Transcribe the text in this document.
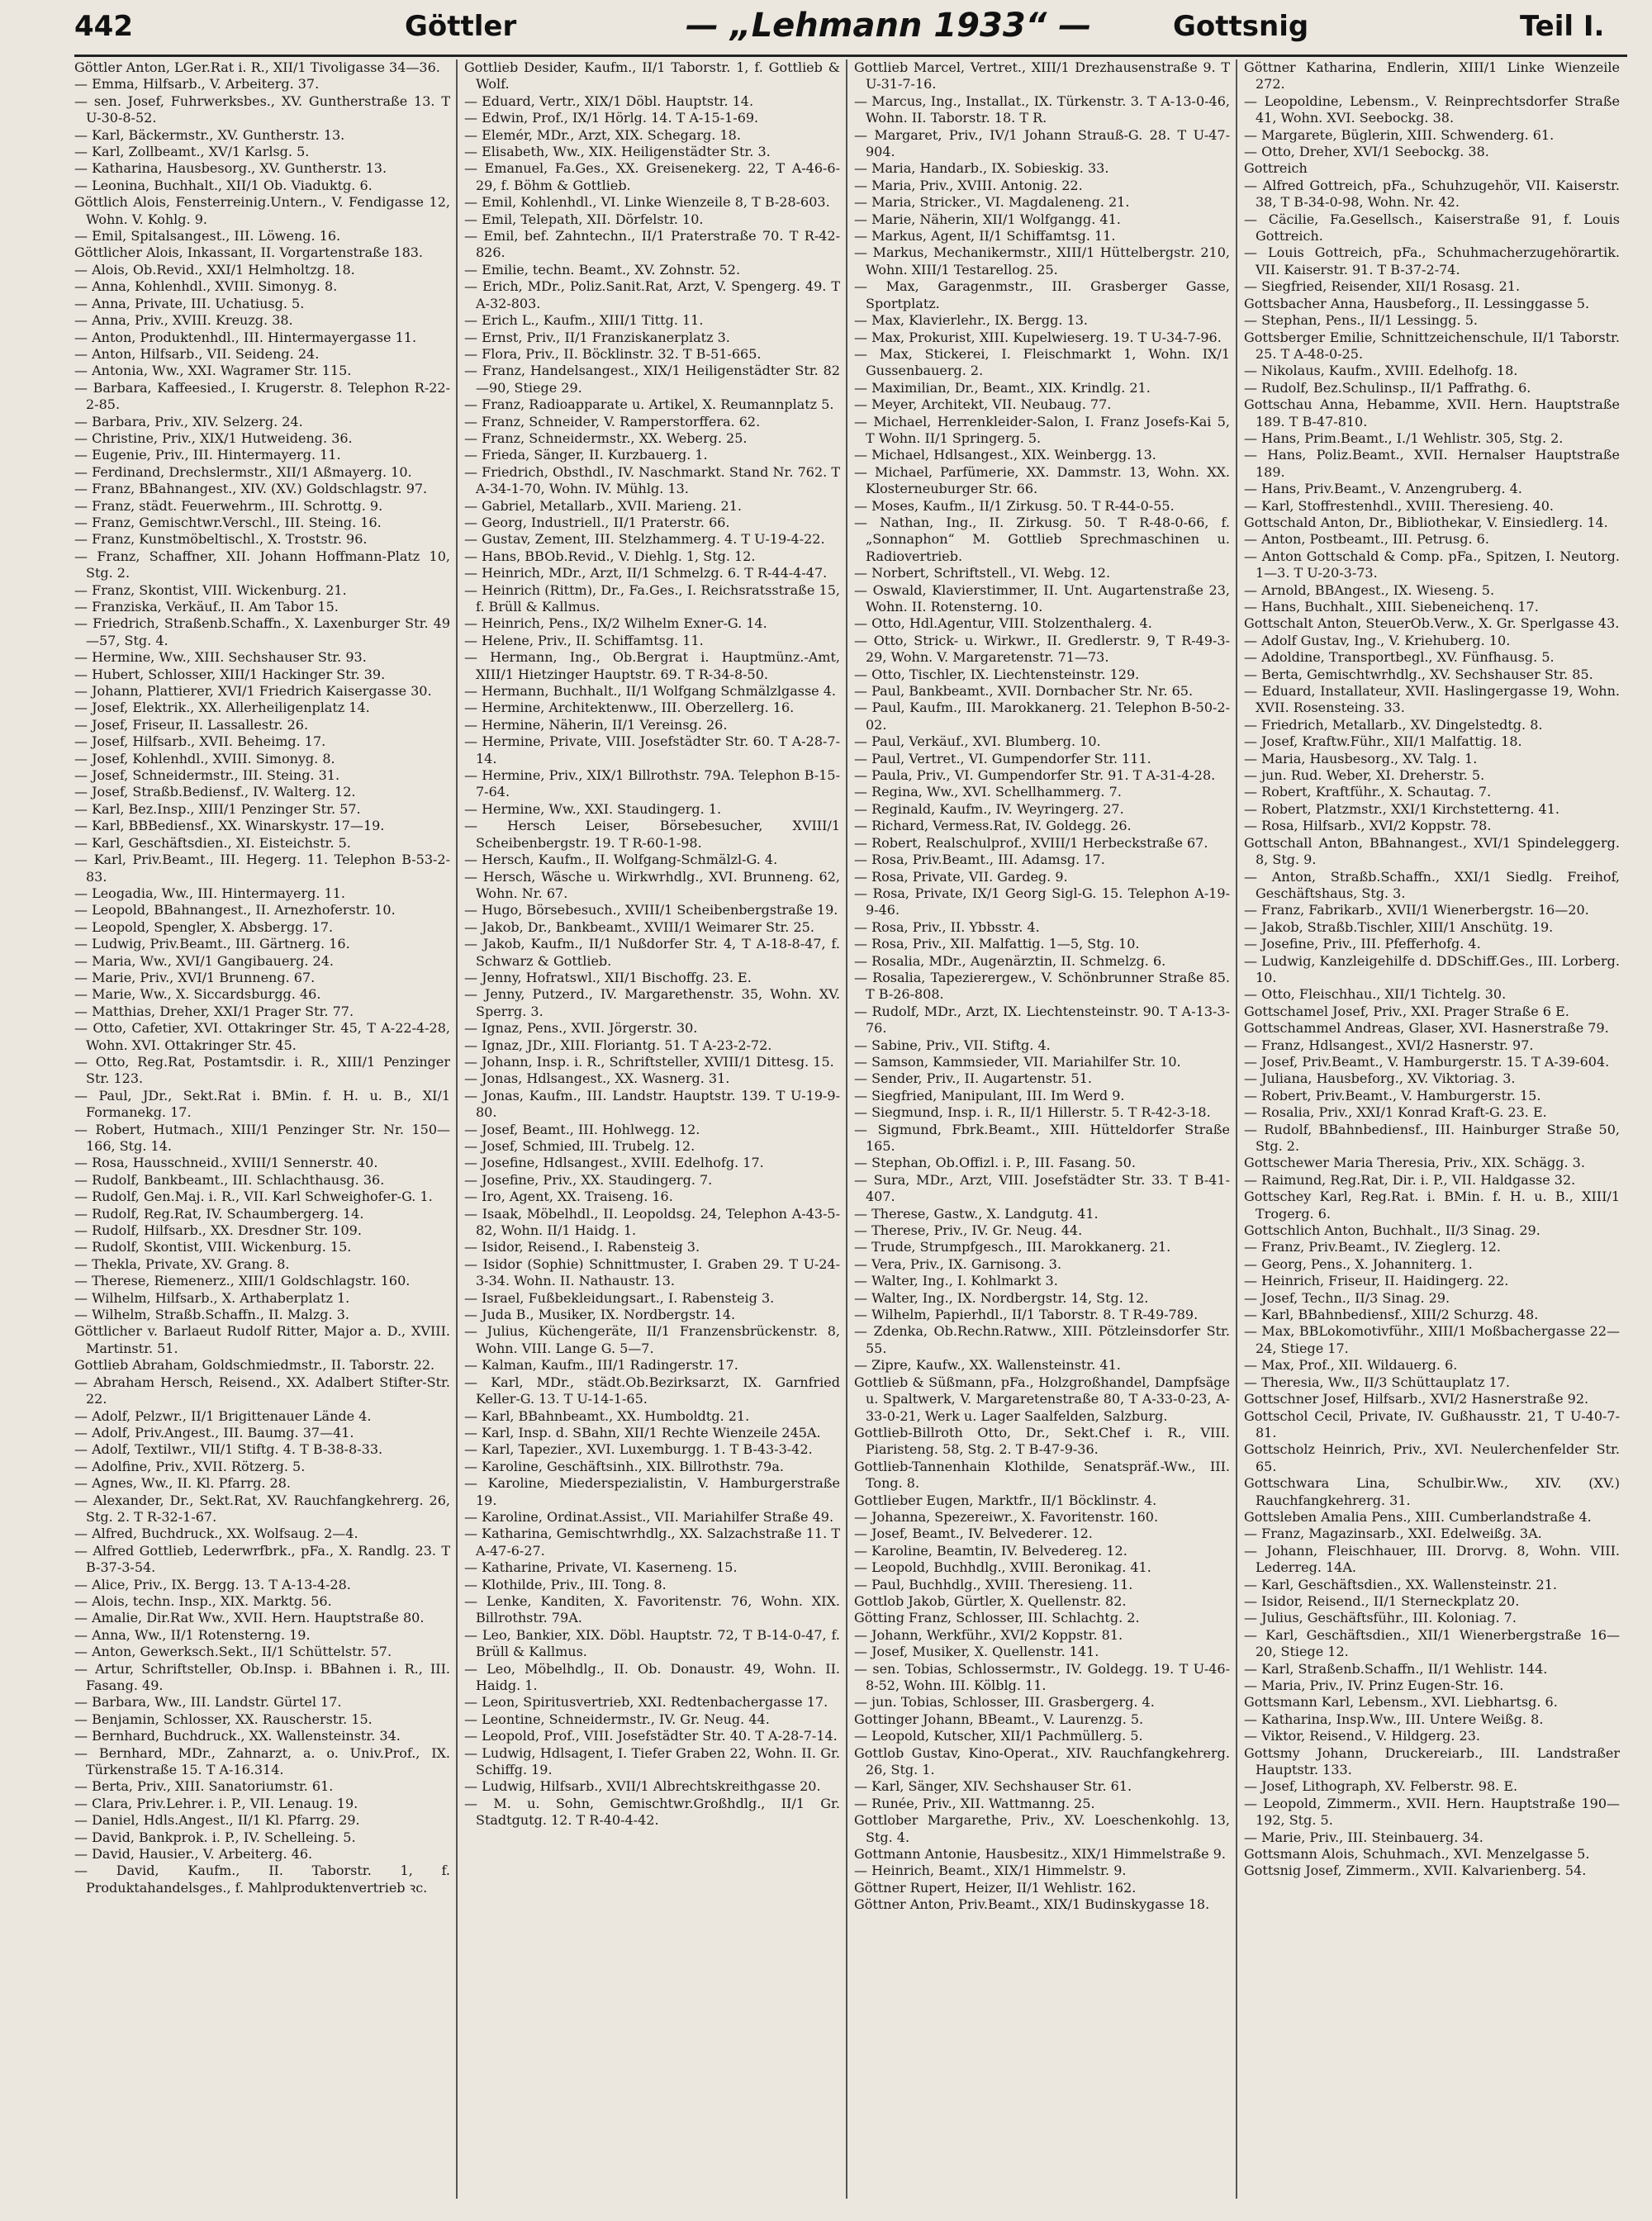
442	Göttler	— „Lehmann 1933“ —	Gottsnig	Teil I.
Göttler Anton, LGer.Rat i. R., XII/1 Tivoligasse 34—36.
— Emma, Hilfsarb., V. Arbeiterg. 37.
— sen. Josef, Fuhrwerksbes., XV. Guntherstraße 13. T U-30-8-52.
— Karl, Bäckermstr., XV. Guntherstr. 13.
— Karl, Zollbeamt., XV/1 Karlsg. 5.
— Katharina, Hausbesorg., XV. Guntherstr. 13.
— Leonina, Buchhalt., XII/1 Ob. Viaduktg. 6.
Göttlich Alois, Fensterreinig.Untern., V. Fendigasse 12, Wohn. V. Kohlg. 9.
— Emil, Spitalsangest., III. Löweng. 16.
Göttlicher Alois, Inkassant, II. Vorgartenstraße 183.
— Alois, Ob.Revid., XXI/1 Helmholtzg. 18.
— Anna, Kohlenhdl., XVIII. Simonyg. 8.
— Anna, Private, III. Uchatiusg. 5.
— Anna, Priv., XVIII. Kreuzg. 38.
— Anton, Produktenhdl., III. Hintermayergasse 11.
— Anton, Hilfsarb., VII. Seideng. 24.
— Antonia, Ww., XXI. Wagramer Str. 115.
— Barbara, Kaffeesied., I. Krugerstr. 8. Telephon R-22-2-85.
— Barbara, Priv., XIV. Selzerg. 24.
— Christine, Priv., XIX/1 Hutweideng. 36.
— Eugenie, Priv., III. Hintermayerg. 11.
— Ferdinand, Drechslermstr., XII/1 Aßmayerg. 10.
— Franz, BBahnangest., XIV. (XV.) Goldschlagstr. 97.
— Franz, städt. Feuerwehrm., III. Schrottg. 9.
— Franz, Gemischtwr.Verschl., III. Steing. 16.
— Franz, Kunstmöbeltischl., X. Troststr. 96.
— Franz, Schaffner, XII. Johann Hoffmann-Platz 10, Stg. 2.
— Franz, Skontist, VIII. Wickenburg. 21.
— Franziska, Verkäuf., II. Am Tabor 15.
— Friedrich, Straßenb.Schaffn., X. Laxenburger Str. 49—57, Stg. 4.
— Hermine, Ww., XIII. Sechshauser Str. 93.
— Hubert, Schlosser, XIII/1 Hackinger Str. 39.
— Johann, Plattierer, XVI/1 Friedrich Kaisergasse 30.
— Josef, Elektrik., XX. Allerheiligenplatz 14.
— Josef, Friseur, II. Lassallestr. 26.
— Josef, Hilfsarb., XVII. Beheimg. 17.
— Josef, Kohlenhdl., XVIII. Simonyg. 8.
— Josef, Schneidermstr., III. Steing. 31.
— Josef, Straßb.Bediensf., IV. Walterg. 12.
— Karl, Bez.Insp., XIII/1 Penzinger Str. 57.
— Karl, BBBediensf., XX. Winarskystr. 17—19.
— Karl, Geschäftsdien., XI. Eisteichstr. 5.
— Karl, Priv.Beamt., III. Hegerg. 11. Telephon B-53-2-83.
— Leogadia, Ww., III. Hintermayerg. 11.
— Leopold, BBahnangest., II. Arnezhoferstr. 10.
— Leopold, Spengler, X. Absbergg. 17.
— Ludwig, Priv.Beamt., III. Gärtnerg. 16.
— Maria, Ww., XVI/1 Gangibauerg. 24.
— Marie, Priv., XVI/1 Brunneng. 67.
— Marie, Ww., X. Siccardsburgg. 46.
— Matthias, Dreher, XXI/1 Prager Str. 77.
— Otto, Cafetier, XVI. Ottakringer Str. 45, T A-22-4-28, Wohn. XVI. Ottakringer Str. 45.
— Otto, Reg.Rat, Postamtsdir. i. R., XIII/1 Penzinger Str. 123.
— Paul, JDr., Sekt.Rat i. BMin. f. H. u. B., XI/1 Formanekg. 17.
— Robert, Hutmach., XIII/1 Penzinger Str. Nr. 150—166, Stg. 14.
— Rosa, Hausschneid., XVIII/1 Sennerstr. 40.
— Rudolf, Bankbeamt., III. Schlachthausg. 36.
— Rudolf, Gen.Maj. i. R., VII. Karl Schweighofer-G. 1.
— Rudolf, Reg.Rat, IV. Schaumbergerg. 14.
— Rudolf, Hilfsarb., XX. Dresdner Str. 109.
— Rudolf, Skontist, VIII. Wickenburg. 15.
— Thekla, Private, XV. Grang. 8.
— Therese, Riemenerz., XIII/1 Goldschlagstr. 160.
— Wilhelm, Hilfsarb., X. Arthaberplatz 1.
— Wilhelm, Straßb.Schaffn., II. Malzg. 3.
Göttlicher v. Barlaeut Rudolf Ritter, Major a. D., XVIII. Martinstr. 51.
Gottlieb Abraham, Goldschmiedmstr., II. Taborstr. 22.
— Abraham Hersch, Reisend., XX. Adalbert Stifter-Str. 22.
— Adolf, Pelzwr., II/1 Brigittenauer Lände 4.
— Adolf, Priv.Angest., III. Baumg. 37—41.
— Adolf, Textilwr., VII/1 Stiftg. 4. T B-38-8-33.
— Adolfine, Priv., XVII. Rötzerg. 5.
— Agnes, Ww., II. Kl. Pfarrg. 28.
— Alexander, Dr., Sekt.Rat, XV. Rauchfangkehrerg. 26, Stg. 2. T R-32-1-67.
— Alfred, Buchdruck., XX. Wolfsaug. 2—4.
— Alfred Gottlieb, Lederwrfbrk., pFa., X. Randlg. 23. T B-37-3-54.
— Alice, Priv., IX. Bergg. 13. T A-13-4-28.
— Alois, techn. Insp., XIX. Marktg. 56.
— Amalie, Dir.Rat Ww., XVII. Hern. Hauptstraße 80.
— Anna, Ww., II/1 Rotensterng. 19.
— Anton, Gewerksch.Sekt., II/1 Schüttelstr. 57.
— Artur, Schriftsteller, Ob.Insp. i. BBahnen i. R., III. Fasang. 49.
— Barbara, Ww., III. Landstr. Gürtel 17.
— Benjamin, Schlosser, XX. Rauscherstr. 15.
— Bernhard, Buchdruck., XX. Wallensteinstr. 34.
— Bernhard, MDr., Zahnarzt, a. o. Univ.Prof., IX. Türkenstraße 15. T A-16.314.
— Berta, Priv., XIII. Sanatoriumstr. 61.
— Clara, Priv.Lehrer. i. P., VII. Lenaug. 19.
— Daniel, Hdls.Angest., II/1 Kl. Pfarrg. 29.
— David, Bankprok. i. P., IV. Schelleing. 5.
— David, Hausier., V. Arbeiterg. 46.
— David, Kaufm., II. Taborstr. 1, f. Produktahandelsges., f. Mahlproduktenvertrieb ꝛc.
Gottlieb Desider, Kaufm., II/1 Taborstr. 1, f. Gottlieb & Wolf.
— Eduard, Vertr., XIX/1 Döbl. Hauptstr. 14.
— Edwin, Prof., IX/1 Hörlg. 14. T A-15-1-69.
— Elemér, MDr., Arzt, XIX. Schegarg. 18.
— Elisabeth, Ww., XIX. Heiligenstädter Str. 3.
— Emanuel, Fa.Ges., XX. Greisenekerg. 22, T A-46-6-29, f. Böhm & Gottlieb.
— Emil, Kohlenhdl., VI. Linke Wienzeile 8, T B-28-603.
— Emil, Telepath, XII. Dörfelstr. 10.
— Emil, bef. Zahntechn., II/1 Praterstraße 70. T R-42-826.
— Emilie, techn. Beamt., XV. Zohnstr. 52.
— Erich, MDr., Poliz.Sanit.Rat, Arzt, V. Spengerg. 49. T A-32-803.
— Erich L., Kaufm., XIII/1 Tittg. 11.
— Ernst, Priv., II/1 Franziskanerplatz 3.
— Flora, Priv., II. Böcklinstr. 32. T B-51-665.
— Franz, Handelsangest., XIX/1 Heiligenstädter Str. 82—90, Stiege 29.
— Franz, Radioapparate u. Artikel, X. Reumannplatz 5.
— Franz, Schneider, V. Ramperstorffera. 62.
— Franz, Schneidermstr., XX. Weberg. 25.
— Frieda, Sänger, II. Kurzbauerg. 1.
— Friedrich, Obsthdl., IV. Naschmarkt. Stand Nr. 762. T A-34-1-70, Wohn. IV. Mühlg. 13.
— Gabriel, Metallarb., XVII. Marieng. 21.
— Georg, Industriell., II/1 Praterstr. 66.
— Gustav, Zement, III. Stelzhammerg. 4. T U-19-4-22.
— Hans, BBOb.Revid., V. Diehlg. 1, Stg. 12.
— Heinrich, MDr., Arzt, II/1 Schmelzg. 6. T R-44-4-47.
— Heinrich (Rittm), Dr., Fa.Ges., I. Reichsratsstraße 15, f. Brüll & Kallmus.
— Heinrich, Pens., IX/2 Wilhelm Exner-G. 14.
— Helene, Priv., II. Schiffamtsg. 11.
— Hermann, Ing., Ob.Bergrat i. Hauptmünz.-Amt, XIII/1 Hietzinger Hauptstr. 69. T R-34-8-50.
— Hermann, Buchhalt., II/1 Wolfgang Schmälzlgasse 4.
— Hermine, Architektenww., III. Oberzellerg. 16.
— Hermine, Näherin, II/1 Vereinsg. 26.
— Hermine, Private, VIII. Josefstädter Str. 60. T A-28-7-14.
— Hermine, Priv., XIX/1 Billrothstr. 79A. Telephon B-15-7-64.
— Hermine, Ww., XXI. Staudingerg. 1.
— Hersch Leiser, Börsebesucher, XVIII/1 Scheibenbergstr. 19. T R-60-1-98.
— Hersch, Kaufm., II. Wolfgang-Schmälzl-G. 4.
— Hersch, Wäsche u. Wirkwrhdlg., XVI. Brunneng. 62, Wohn. Nr. 67.
— Hugo, Börsebesuch., XVIII/1 Scheibenbergstraße 19.
— Jakob, Dr., Bankbeamt., XVIII/1 Weimarer Str. 25.
— Jakob, Kaufm., II/1 Nußdorfer Str. 4, T A-18-8-47, f. Schwarz & Gottlieb.
— Jenny, Hofratswl., XII/1 Bischoffg. 23. E.
— Jenny, Putzerd., IV. Margarethenstr. 35, Wohn. XV. Sperrg. 3.
— Ignaz, Pens., XVII. Jörgerstr. 30.
— Ignaz, JDr., XIII. Floriantg. 51. T A-23-2-72.
— Johann, Insp. i. R., Schriftsteller, XVIII/1 Dittesg. 15.
— Jonas, Hdlsangest., XX. Wasnerg. 31.
— Jonas, Kaufm., III. Landstr. Hauptstr. 139. T U-19-9-80.
— Josef, Beamt., III. Hohlwegg. 12.
— Josef, Schmied, III. Trubelg. 12.
— Josefine, Hdlsangest., XVIII. Edelhofg. 17.
— Josefine, Priv., XX. Staudingerg. 7.
— Iro, Agent, XX. Traiseng. 16.
— Isaak, Möbelhdl., II. Leopoldsg. 24, Telephon A-43-5-82, Wohn. II/1 Haidg. 1.
— Isidor, Reisend., I. Rabensteig 3.
— Isidor (Sophie) Schnittmuster, I. Graben 29. T U-24-3-34. Wohn. II. Nathaustr. 13.
— Israel, Fußbekleidungsart., I. Rabensteig 3.
— Juda B., Musiker, IX. Nordbergstr. 14.
— Julius, Küchengeräte, II/1 Franzensbrückenstr. 8, Wohn. VIII. Lange G. 5—7.
— Kalman, Kaufm., III/1 Radingerstr. 17.
— Karl, MDr., städt.Ob.Bezirksarzt, IX. Garnfried Keller-G. 13. T U-14-1-65.
— Karl, BBahnbeamt., XX. Humboldtg. 21.
— Karl, Insp. d. SBahn, XII/1 Rechte Wienzeile 245A.
— Karl, Tapezier., XVI. Luxemburgg. 1. T B-43-3-42.
— Karoline, Geschäftsinh., XIX. Billrothstr. 79a.
— Karoline, Miederspezialistin, V. Hamburgerstraße 19.
— Karoline, Ordinat.Assist., VII. Mariahilfer Straße 49.
— Katharina, Gemischtwrhdlg., XX. Salzachstraße 11. T A-47-6-27.
— Katharine, Private, VI. Kaserneng. 15.
— Klothilde, Priv., III. Tong. 8.
— Lenke, Kanditen, X. Favoritenstr. 76, Wohn. XIX. Billrothstr. 79A.
— Leo, Bankier, XIX. Döbl. Hauptstr. 72, T B-14-0-47, f. Brüll & Kallmus.
— Leo, Möbelhdlg., II. Ob. Donaustr. 49, Wohn. II. Haidg. 1.
— Leon, Spiritusvertrieb, XXI. Redtenbachergasse 17.
— Leontine, Schneidermstr., IV. Gr. Neug. 44.
— Leopold, Prof., VIII. Josefstädter Str. 40. T A-28-7-14.
— Ludwig, Hdlsagent, I. Tiefer Graben 22, Wohn. II. Gr. Schiffg. 19.
— Ludwig, Hilfsarb., XVII/1 Albrechtskreithgasse 20.
— M. u. Sohn, Gemischtwr.Großhdlg., II/1 Gr. Stadtgutg. 12. T R-40-4-42.
Gottlieb Marcel, Vertret., XIII/1 Drezhausenstraße 9. T U-31-7-16.
— Marcus, Ing., Installat., IX. Türkenstr. 3. T A-13-0-46, Wohn. II. Taborstr. 18. T R.
— Margaret, Priv., IV/1 Johann Strauß-G. 28. T U-47-904.
— Maria, Handarb., IX. Sobieskig. 33.
— Maria, Priv., XVIII. Antonig. 22.
— Maria, Stricker., VI. Magdaleneng. 21.
— Marie, Näherin, XII/1 Wolfgangg. 41.
— Markus, Agent, II/1 Schiffamtsg. 11.
— Markus, Mechanikermstr., XIII/1 Hüttelbergstr. 210, Wohn. XIII/1 Testarellog. 25.
— Max, Garagenmstr., III. Grasberger Gasse, Sportplatz.
— Max, Klavierlehr., IX. Bergg. 13.
— Max, Prokurist, XIII. Kupelwieserg. 19. T U-34-7-96.
— Max, Stickerei, I. Fleischmarkt 1, Wohn. IX/1 Gussenbauerg. 2.
— Maximilian, Dr., Beamt., XIX. Krindlg. 21.
— Meyer, Architekt, VII. Neubaug. 77.
— Michael, Herrenkleider-Salon, I. Franz Josefs-Kai 5, T Wohn. II/1 Springerg. 5.
— Michael, Hdlsangest., XIX. Weinbergg. 13.
— Michael, Parfümerie, XX. Dammstr. 13, Wohn. XX. Klosterneuburger Str. 66.
— Moses, Kaufm., II/1 Zirkusg. 50. T R-44-0-55.
— Nathan, Ing., II. Zirkusg. 50. T R-48-0-66, f. „Sonnaphon“ M. Gottlieb Sprechmaschinen u. Radiovertrieb.
— Norbert, Schriftstell., VI. Webg. 12.
— Oswald, Klavierstimmer, II. Unt. Augartenstraße 23, Wohn. II. Rotensterng. 10.
— Otto, Hdl.Agentur, VIII. Stolzenthalerg. 4.
— Otto, Strick- u. Wirkwr., II. Gredlerstr. 9, T R-49-3-29, Wohn. V. Margaretenstr. 71—73.
— Otto, Tischler, IX. Liechtensteinstr. 129.
— Paul, Bankbeamt., XVII. Dornbacher Str. Nr. 65.
— Paul, Kaufm., III. Marokkanerg. 21. Telephon B-50-2-02.
— Paul, Verkäuf., XVI. Blumberg. 10.
— Paul, Vertret., VI. Gumpendorfer Str. 111.
— Paula, Priv., VI. Gumpendorfer Str. 91. T A-31-4-28.
— Regina, Ww., XVI. Schellhammerg. 7.
— Reginald, Kaufm., IV. Weyringerg. 27.
— Richard, Vermess.Rat, IV. Goldegg. 26.
— Robert, Realschulprof., XVIII/1 Herbeckstraße 67.
— Rosa, Priv.Beamt., III. Adamsg. 17.
— Rosa, Private, VII. Gardeg. 9.
— Rosa, Private, IX/1 Georg Sigl-G. 15. Telephon A-19-9-46.
— Rosa, Priv., II. Ybbsstr. 4.
— Rosa, Priv., XII. Malfattig. 1—5, Stg. 10.
— Rosalia, MDr., Augenärztin, II. Schmelzg. 6.
— Rosalia, Tapezierergew., V. Schönbrunner Straße 85. T B-26-808.
— Rudolf, MDr., Arzt, IX. Liechtensteinstr. 90. T A-13-3-76.
— Sabine, Priv., VII. Stiftg. 4.
— Samson, Kammsieder, VII. Mariahilfer Str. 10.
— Sender, Priv., II. Augartenstr. 51.
— Siegfried, Manipulant, III. Im Werd 9.
— Siegmund, Insp. i. R., II/1 Hillerstr. 5. T R-42-3-18.
— Sigmund, Fbrk.Beamt., XIII. Hütteldorfer Straße 165.
— Stephan, Ob.Offizl. i. P., III. Fasang. 50.
— Sura, MDr., Arzt, VIII. Josefstädter Str. 33. T B-41-407.
— Therese, Gastw., X. Landgutg. 41.
— Therese, Priv., IV. Gr. Neug. 44.
— Trude, Strumpfgesch., III. Marokkanerg. 21.
— Vera, Priv., IX. Garnisong. 3.
— Walter, Ing., I. Kohlmarkt 3.
— Walter, Ing., IX. Nordbergstr. 14, Stg. 12.
— Wilhelm, Papierhdl., II/1 Taborstr. 8. T R-49-789.
— Zdenka, Ob.Rechn.Ratww., XIII. Pötzleinsdorfer Str. 55.
— Zipre, Kaufw., XX. Wallensteinstr. 41.
Gottlieb & Süßmann, pFa., Holzgroßhandel, Dampfsäge u. Spaltwerk, V. Margaretenstraße 80, T A-33-0-23, A-33-0-21, Werk u. Lager Saalfelden, Salzburg.
Gottlieb-Billroth Otto, Dr., Sekt.Chef i. R., VIII. Piaristeng. 58, Stg. 2. T B-47-9-36.
Gottlieb-Tannenhain Klothilde, Senatspräf.-Ww., III. Tong. 8.
Gottlieber Eugen, Marktfr., II/1 Böcklinstr. 4.
— Johanna, Spezereiwr., X. Favoritenstr. 160.
— Josef, Beamt., IV. Belvederег. 12.
— Karoline, Beamtin, IV. Belvedereg. 12.
— Leopold, Buchhdlg., XVIII. Beronikag. 41.
— Paul, Buchhdlg., XVIII. Theresieng. 11.
Gottlob Jakob, Gürtler, X. Quellenstr. 82.
Götting Franz, Schlosser, III. Schlachtg. 2.
— Johann, Werkführ., XVI/2 Koppstr. 81.
— Josef, Musiker, X. Quellenstr. 141.
— sen. Tobias, Schlossermstr., IV. Goldegg. 19. T U-46-8-52, Wohn. III. Kölblg. 11.
— jun. Tobias, Schlosser, III. Grasbergerg. 4.
Gottinger Johann, BBeamt., V. Laurenzg. 5.
— Leopold, Kutscher, XII/1 Pachmüllerg. 5.
Gottlob Gustav, Kino-Operat., XIV. Rauchfangkehrerg. 26, Stg. 1.
— Karl, Sänger, XIV. Sechshauser Str. 61.
— Runée, Priv., XII. Wattmanng. 25.
Gottlober Margarethe, Priv., XV. Loeschenkohlg. 13, Stg. 4.
Gottmann Antonie, Hausbesitz., XIX/1 Himmelstraße 9.
— Heinrich, Beamt., XIX/1 Himmelstr. 9.
Göttner Rupert, Heizer, II/1 Wehlistr. 162.
Göttner Anton, Priv.Beamt., XIX/1 Budinskygasse 18.
Göttner Katharina, Endlerin, XIII/1 Linke Wienzeile 272.
— Leopoldine, Lebensm., V. Reinprechtsdorfer Straße 41, Wohn. XVI. Seebockg. 38.
— Margarete, Büglerin, XIII. Schwenderg. 61.
— Otto, Dreher, XVI/1 Seebockg. 38.
Gottreich
— Alfred Gottreich, pFa., Schuhzugehör, VII. Kaiserstr. 38, T B-34-0-98, Wohn. Nr. 42.
— Cäcilie, Fa.Gesellsch., Kaiserstraße 91, f. Louis Gottreich.
— Louis Gottreich, pFa., Schuhmacherzugehörartik. VII. Kaiserstr. 91. T B-37-2-74.
— Siegfried, Reisender, XII/1 Rosasg. 21.
Gottsbacher Anna, Hausbeforg., II. Lessinggasse 5.
— Stephan, Pens., II/1 Lessingg. 5.
Gottsberger Emilie, Schnittzeichenschule, II/1 Taborstr. 25. T A-48-0-25.
— Nikolaus, Kaufm., XVIII. Edelhofg. 18.
— Rudolf, Bez.Schulinsp., II/1 Paffrathg. 6.
Gottschau Anna, Hebamme, XVII. Hern. Hauptstraße 189. T B-47-810.
— Hans, Prim.Beamt., I./1 Wehlistr. 305, Stg. 2.
— Hans, Poliz.Beamt., XVII. Hernalser Hauptstraße 189.
— Hans, Priv.Beamt., V. Anzengruberg. 4.
— Karl, Stoffrestenhdl., XVIII. Theresieng. 40.
Gottschald Anton, Dr., Bibliothekar, V. Einsiedlerg. 14.
— Anton, Postbeamt., III. Petrusg. 6.
— Anton Gottschald & Comp. pFa., Spitzen, I. Neutorg. 1—3. T U-20-3-73.
— Arnold, BBAngest., IX. Wieseng. 5.
— Hans, Buchhalt., XIII. Siebeneichenq. 17.
Gottschalt Anton, SteuerOb.Verw., X. Gr. Sperlgasse 43.
— Adolf Gustav, Ing., V. Kriehuberg. 10.
— Adoldine, Transportbegl., XV. Fünfhausg. 5.
— Berta, Gemischtwrhdlg., XV. Sechshauser Str. 85.
— Eduard, Installateur, XVII. Haslingergasse 19, Wohn. XVII. Rosensteing. 33.
— Friedrich, Metallarb., XV. Dingelstedtg. 8.
— Josef, Kraftw.Führ., XII/1 Malfattig. 18.
— Maria, Hausbesorg., XV. Talg. 1.
— jun. Rud. Weber, XI. Dreherstr. 5.
— Robert, Kraftführ., X. Schautag. 7.
— Robert, Platzmstr., XXI/1 Kirchstetterng. 41.
— Rosa, Hilfsarb., XVI/2 Koppstr. 78.
Gottschall Anton, BBahnangest., XVI/1 Spindeleggerg. 8, Stg. 9.
— Anton, Straßb.Schaffn., XXI/1 Siedlg. Freihof, Geschäftshaus, Stg. 3.
— Franz, Fabrikarb., XVII/1 Wienerbergstr. 16—20.
— Jakob, Straßb.Tischler, XIII/1 Anschütg. 19.
— Josefine, Priv., III. Pfefferhofg. 4.
— Ludwig, Kanzleigehilfe d. DDSchiff.Ges., III. Lorberg. 10.
— Otto, Fleischhau., XII/1 Tichtelg. 30.
Gottschamel Josef, Priv., XXI. Prager Straße 6 E.
Gottschammel Andreas, Glaser, XVI. Hasnerstraße 79.
— Franz, Hdlsangest., XVI/2 Hasnerstr. 97.
— Josef, Priv.Beamt., V. Hamburgerstr. 15. T A-39-604.
— Juliana, Hausbeforg., XV. Viktoriag. 3.
— Robert, Priv.Beamt., V. Hamburgerstr. 15.
— Rosalia, Priv., XXI/1 Konrad Kraft-G. 23. E.
— Rudolf, BBahnbediensf., III. Hainburger Straße 50, Stg. 2.
Gottschewer Maria Theresia, Priv., XIX. Schägg. 3.
— Raimund, Reg.Rat, Dir. i. P., VII. Haldgasse 32.
Gottschey Karl, Reg.Rat. i. BMin. f. H. u. B., XIII/1 Trogerg. 6.
Gottschlich Anton, Buchhalt., II/3 Sinag. 29.
— Franz, Priv.Beamt., IV. Zieglerg. 12.
— Georg, Pens., X. Johanniterg. 1.
— Heinrich, Friseur, II. Haidingerg. 22.
— Josef, Techn., II/3 Sinag. 29.
— Karl, BBahnbediensf., XIII/2 Schurzg. 48.
— Max, BBLokomotivführ., XIII/1 Moßbachergasse 22—24, Stiege 17.
— Max, Prof., XII. Wildauerg. 6.
— Theresia, Ww., II/3 Schüttauplatz 17.
Gottschner Josef, Hilfsarb., XVI/2 Hasnerstraße 92.
Gottschol Cecil, Private, IV. Gußhausstr. 21, T U-40-7-81.
Gottscholz Heinrich, Priv., XVI. Neulerchenfelder Str. 65.
Gottschwara Lina, Schulbir.Ww., XIV. (XV.) Rauchfangkehrerg. 31.
Gottsleben Amalia Pens., XIII. Cumberlandstraße 4.
— Franz, Magazinsarb., XXI. Edelweißg. 3A.
— Johann, Fleischhauer, III. Drorvg. 8, Wohn. VIII. Lederreg. 14A.
— Karl, Geschäftsdien., XX. Wallensteinstr. 21.
— Isidor, Reisend., II/1 Sterneckplatz 20.
— Julius, Geschäftsführ., III. Koloniag. 7.
— Karl, Geschäftsdien., XII/1 Wienerbergstraße 16—20, Stiege 12.
— Karl, Straßenb.Schaffn., II/1 Wehlistr. 144.
— Maria, Priv., IV. Prinz Eugen-Str. 16.
Gottsmann Karl, Lebensm., XVI. Liebhartsg. 6.
— Katharina, Insp.Ww., III. Untere Weißg. 8.
— Viktor, Reisend., V. Hildgerg. 23.
Gottsmy Johann, Druckereiarb., III. Landstraßer Hauptstr. 133.
— Josef, Lithograph, XV. Felberstr. 98. E.
— Leopold, Zimmerm., XVII. Hern. Hauptstraße 190—192, Stg. 5.
— Marie, Priv., III. Steinbauerg. 34.
Gottsmann Alois, Schuhmach., XVI. Menzelgasse 5.
Gottsnig Josef, Zimmerm., XVII. Kalvarienberg. 54.
